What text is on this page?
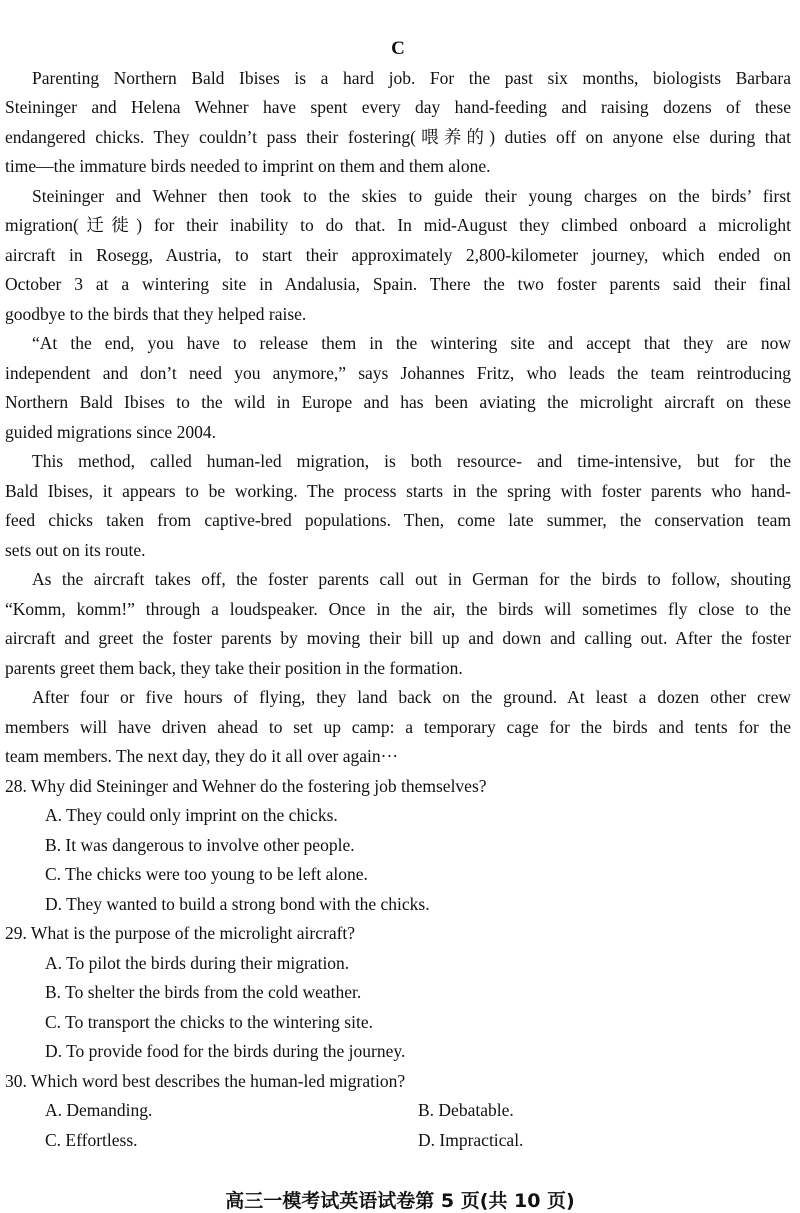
C
Parenting Northern Bald Ibises is a hard job. For the past six months, biologists Barbara
Steininger and Helena Wehner have spent every day hand-feeding and raising dozens of these
endangered chicks. They couldn’t pass their fostering(喂养的) duties off on anyone else during that
time—the immature birds needed to imprint on them and them alone.
Steininger and Wehner then took to the skies to guide their young charges on the birds’ first
migration(迁徙) for their inability to do that. In mid-August they climbed onboard a microlight
aircraft in Rosegg, Austria, to start their approximately 2,800-kilometer journey, which ended on
October 3 at a wintering site in Andalusia, Spain. There the two foster parents said their final
goodbye to the birds that they helped raise.
“At the end, you have to release them in the wintering site and accept that they are now
independent and don’t need you anymore,” says Johannes Fritz, who leads the team reintroducing
Northern Bald Ibises to the wild in Europe and has been aviating the microlight aircraft on these
guided migrations since 2004.
This method, called human-led migration, is both resource- and time-intensive, but for the
Bald Ibises, it appears to be working. The process starts in the spring with foster parents who hand-
feed chicks taken from captive-bred populations. Then, come late summer, the conservation team
sets out on its route.
As the aircraft takes off, the foster parents call out in German for the birds to follow, shouting
“Komm, komm!” through a loudspeaker. Once in the air, the birds will sometimes fly close to the
aircraft and greet the foster parents by moving their bill up and down and calling out. After the foster
parents greet them back, they take their position in the formation.
After four or five hours of flying, they land back on the ground. At least a dozen other crew
members will have driven ahead to set up camp: a temporary cage for the birds and tents for the
team members. The next day, they do it all over again···
28. Why did Steininger and Wehner do the fostering job themselves?
A. They could only imprint on the chicks.
B. It was dangerous to involve other people.
C. The chicks were too young to be left alone.
D. They wanted to build a strong bond with the chicks.
29. What is the purpose of the microlight aircraft?
A. To pilot the birds during their migration.
B. To shelter the birds from the cold weather.
C. To transport the chicks to the wintering site.
D. To provide food for the birds during the journey.
30. Which word best describes the human-led migration?
A. Demanding.	B. Debatable.
C. Effortless.	D. Impractical.
高三一模考试英语试卷第 5 页(共 10 页)
